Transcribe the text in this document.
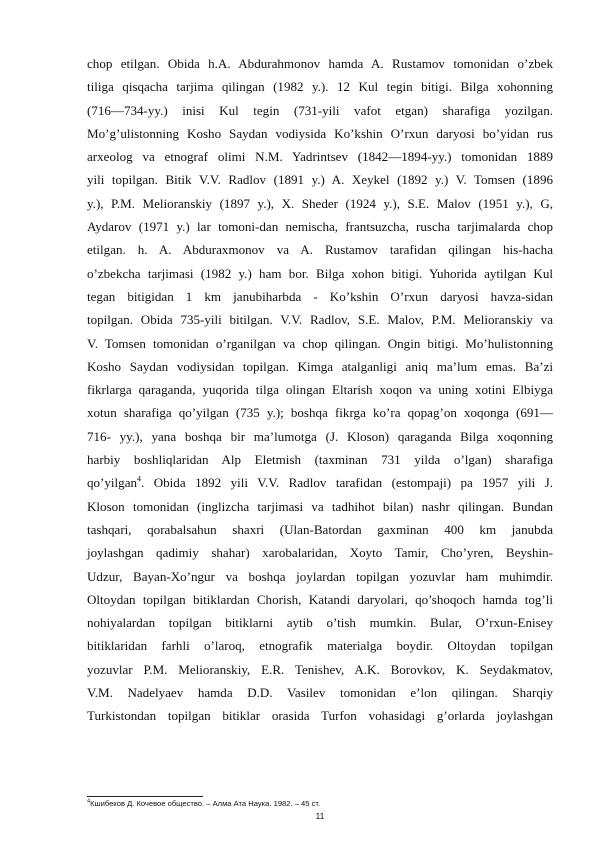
chop etilgan. Obida h.A. Abdurahmonov hamda A. Rustamov tomonidan o’zbek
tiliga qisqacha tarjima qilingan (1982 y.). 12 Kul tegin bitigi. Bilga xohonning
(716—734-yy.) inisi Kul tegin (731-yili vafot etgan) sharafiga yozilgan.
Mo’g’ulistonning Kosho Saydan vodiysida Ko’kshin O’rxun daryosi bo’yidan rus
arxeolog va etnograf olimi N.M. Yadrintsev (1842—1894-yy.) tomonidan 1889
yili topilgan. Bitik V.V. Radlov (1891 y.) A. Xeykel (1892 y.) V. Tomsen (1896
y.), P.M. Melioranskiy (1897 y.), X. Sheder (1924 y.), S.E. Malov (1951 y.), G,
Aydarov (1971 y.) lar tomoni-dan nemischa, frantsuzcha, ruscha tarjimalarda chop
etilgan. h. A. Abduraxmonov va A. Rustamov tarafidan qilingan his-hacha
o’zbekcha tarjimasi (1982 y.) ham bor. Bilga xohon bitigi. Yuhorida aytilgan Kul
tegan bitigidan 1 km janubiharbda - Ko’kshin O’rxun daryosi havza-sidan
topilgan. Obida 735-yili bitilgan. V.V. Radlov, S.E. Malov, P.M. Melioranskiy va
V. Tomsen tomonidan o’rganilgan va chop qilingan. Ongin bitigi. Mo’hulistonning
Kosho Saydan vodiysidan topilgan. Kimga atalganligi aniq ma’lum emas. Ba’zi
fikrlarga qaraganda, yuqorida tilga olingan Eltarish xoqon va uning xotini Elbiyga
xotun sharafiga qo’yilgan (735 y.); boshqa fikrga ko’ra qopag’on xoqonga (691—
716- yy.), yana boshqa bir ma’lumotga (J. Kloson) qaraganda Bilga xoqonning
harbiy boshliqlaridan Alp Eletmish (taxminan 731 yilda o’lgan) sharafiga
qo’yilgan$^4$. Obida 1892 yili V.V. Radlov tarafidan (estompaji) pa 1957 yili J.
Kloson tomonidan (inglizcha tarjimasi va tadhihot bilan) nashr qilingan. Bundan
tashqari, qorabalsahun shaxri (Ulan-Batordan gaxminan 400 km janubda
joylashgan qadimiy shahar) xarobalaridan, Xoyto Tamir, Cho’yren, Beyshin-
Udzur, Bayan-Xo’ngur va boshqa joylardan topilgan yozuvlar ham muhimdir.
Oltoydan topilgan bitiklardan Chorish, Katandi daryolari, qo’shoqoch hamda tog’li
nohiyalardan topilgan bitiklarni aytib o’tish mumkin. Bular, O’rxun-Enisey
bitiklaridan farhli o’laroq, etnografik materialga boydir. Oltoydan topilgan
yozuvlar P.M. Melioranskiy, E.R. Tenishev, A.K. Borovkov, K. Seydakmatov,
V.M. Nadelyaev hamda D.D. Vasilev tomonidan e’lon qilingan. Sharqiy
Turkistondan topilgan bitiklar orasida Turfon vohasidagi g’orlarda joylashgan
$^4$Кшибеков Д. Кочевое общество. – Алма Ата Наука. 1982. – 45 ст.
11
